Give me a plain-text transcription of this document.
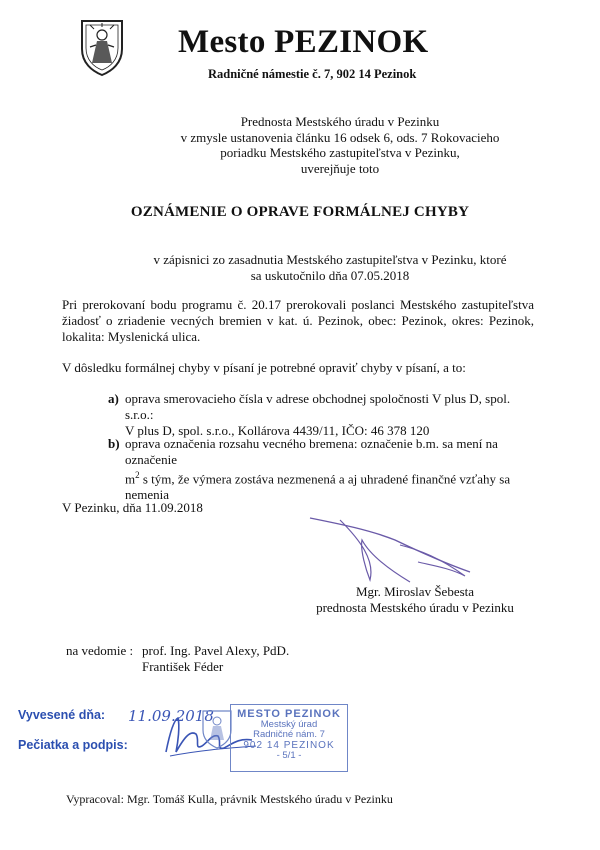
Mesto PEZINOK
Radničné námestie č. 7, 902 14 Pezinok
Prednosta Mestského úradu v Pezinku
v zmysle ustanovenia článku 16 odsek 6, ods. 7 Rokovacieho
poriadku Mestského zastupiteľstva v Pezinku,
uverejňuje toto
OZNÁMENIE O OPRAVE FORMÁLNEJ CHYBY
v zápisnici zo zasadnutia Mestského zastupiteľstva v Pezinku, ktoré
sa uskutočnilo dňa 07.05.2018
Pri prerokovaní bodu programu č. 20.17 prerokovali poslanci Mestského zastupiteľstva žiadosť o zriadenie vecných bremien v kat. ú. Pezinok, obec: Pezinok, okres: Pezinok, lokalita: Myslenická ulica.
V dôsledku formálnej chyby v písaní je potrebné opraviť chyby v písaní, a to:
a) oprava smerovacieho čísla v adrese obchodnej spoločnosti V plus D, spol. s.r.o.:
V plus D, spol. s.r.o., Kollárova 4439/11, IČO: 46 378 120
b) oprava označenia rozsahu vecného bremena: označenie b.m. sa mení na označenie
$m^2$ s tým, že výmera zostáva nezmenená a aj uhradené finančné vzťahy sa nemenia
V Pezinku, dňa 11.09.2018
Mgr. Miroslav Šebesta
prednosta Mestského úradu v Pezinku
na vedomie : prof. Ing. Pavel Alexy, PdD.
František Féder
Vyvesené dňa: 11.09.2018
Pečiatka a podpis:
MESTO PEZINOK
Mestský úrad
Radničné nám. 7
902 14 PEZINOK
- 5/1 -
Vypracoval: Mgr. Tomáš Kulla, právnik Mestského úradu v Pezinku
